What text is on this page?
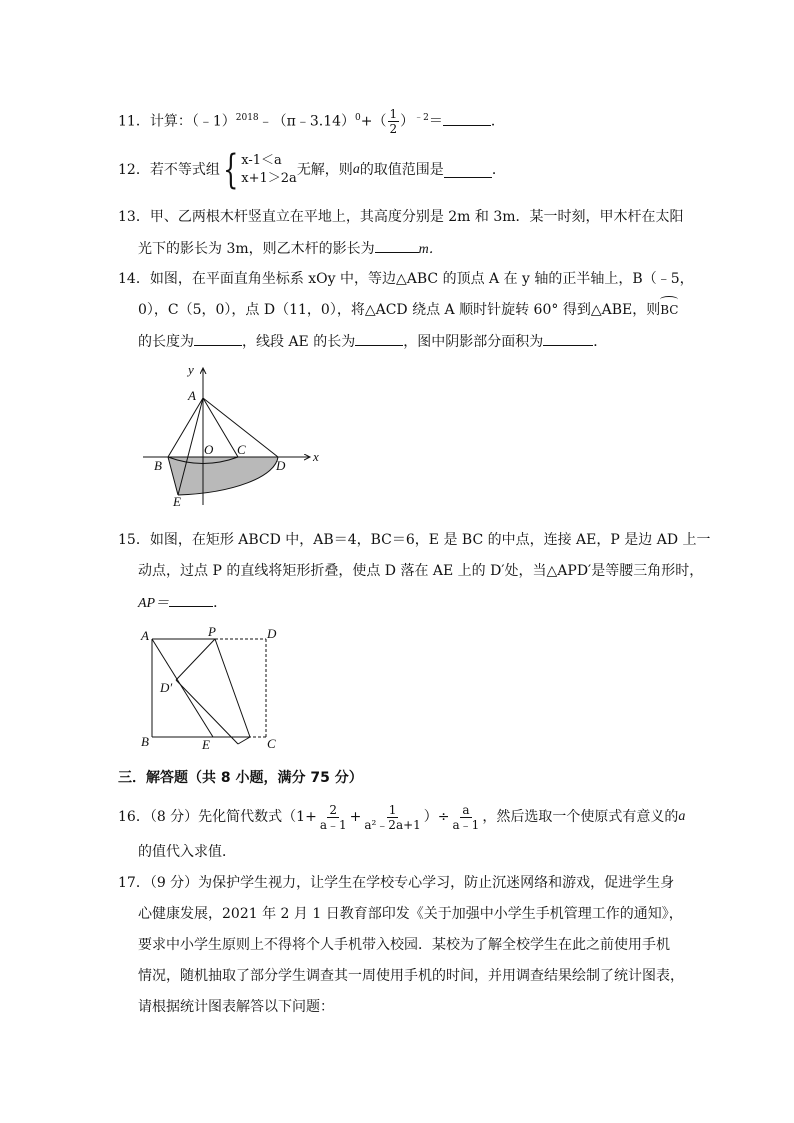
11．计算：（﹣1）$^{2018}$﹣（π﹣3.14）$^0$+（ $\frac{1}{2} )^{﹣2}=$	．
12．若不等式组{ x-1＜a
x+1＞2a
无解，则a的取值范围是	．
13．甲、乙两根木杆竖直立在平地上，其高度分别是 2m 和 3m．某一时刻，甲木杆在太阳
光下的影长为 3m，则乙木杆的影长为	m．
14．如图，在平面直角坐标系 xOy 中，等边△ABC 的顶点 A 在 y 轴的正半轴上，B（﹣5，
0），C（5，0），点 D（11，0），将△ACD 绕点 A 顺时针旋转 60° 得到△ABE，则
BC
的长度为	，线段 AE 的长为	，图中阴影部分面积为	．
y
x
A
O C
B	D
E
15．如图，在矩形 ABCD 中，AB＝4，BC＝6，E 是 BC 的中点，连接 AE，P 是边 AD 上一
动点，过点 P 的直线将矩形折叠，使点 D 落在 AE 上的 D′处，当△APD′是等腰三角形时，
AP＝	．
A	P	D
D′
B	E	C
三．解答题（共 8 小题，满分 75 分）
16．（8 分）先化简代数式（$1+ \frac{2}{a﹣1} + \frac{1}{\text{a²﹣2a+1}}$ ）÷ $\frac{a}{a﹣1}$ ，然后选取一个使原式有意义的 a
的值代入求值．
17．（9 分）为保护学生视力，让学生在学校专心学习，防止沉迷网络和游戏，促进学生身
心健康发展，2021 年 2 月 1 日教育部印发《关于加强中小学生手机管理工作的通知》，
要求中小学生原则上不得将个人手机带入校园．某校为了解全校学生在此之前使用手机
情况，随机抽取了部分学生调查其一周使用手机的时间，并用调查结果绘制了统计图表，
请根据统计图表解答以下问题：
